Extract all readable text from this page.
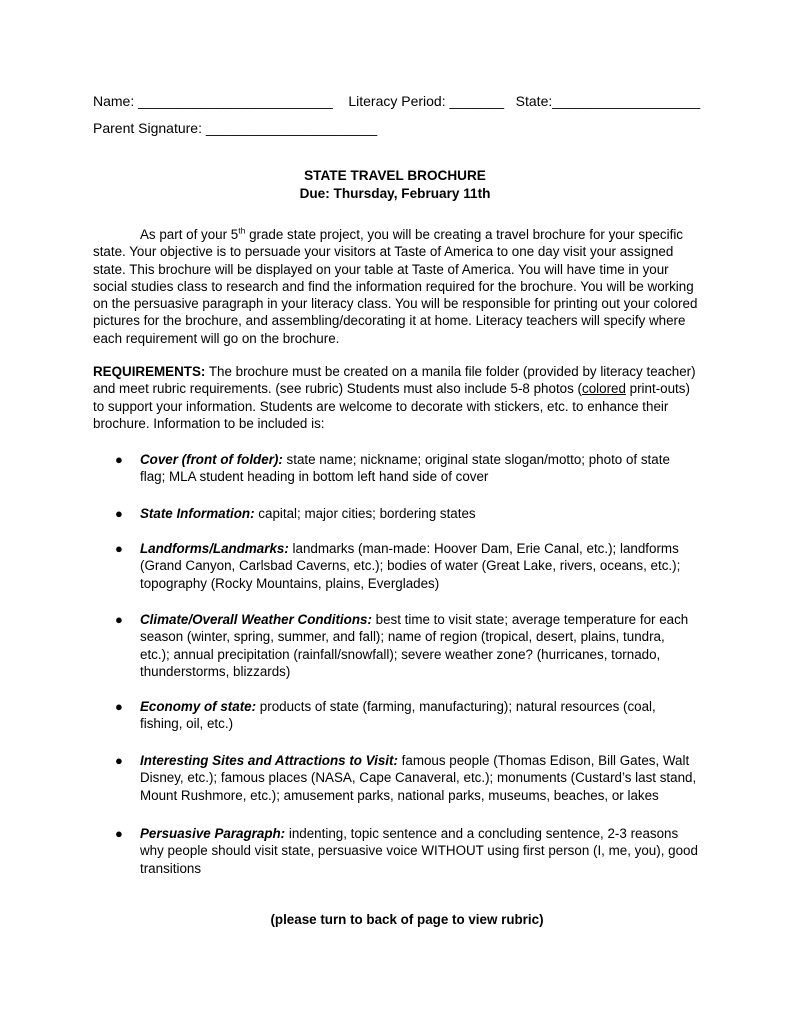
Name: _________________________    Literacy Period: _______   State:___________________
Parent Signature: ______________________
STATE TRAVEL BROCHURE
Due: Thursday, February 11th

As part of your 5th grade state project, you will be creating a travel brochure for your specific state. Your objective is to persuade your visitors at Taste of America to one day visit your assigned state. This brochure will be displayed on your table at Taste of America. You will have time in your social studies class to research and find the information required for the brochure. You will be working on the persuasive paragraph in your literacy class. You will be responsible for printing out your colored pictures for the brochure, and assembling/decorating it at home. Literacy teachers will specify where each requirement will go on the brochure.

REQUIREMENTS: The brochure must be created on a manila file folder (provided by literacy teacher) and meet rubric requirements. (see rubric) Students must also include 5-8 photos (colored print-outs) to support your information. Students are welcome to decorate with stickers, etc. to enhance their brochure. Information to be included is:

● Cover (front of folder): state name; nickname; original state slogan/motto; photo of state flag; MLA student heading in bottom left hand side of cover
● State Information: capital; major cities; bordering states
● Landforms/Landmarks: landmarks (man-made: Hoover Dam, Erie Canal, etc.); landforms (Grand Canyon, Carlsbad Caverns, etc.); bodies of water (Great Lake, rivers, oceans, etc.); topography (Rocky Mountains, plains, Everglades)
● Climate/Overall Weather Conditions: best time to visit state; average temperature for each season (winter, spring, summer, and fall); name of region (tropical, desert, plains, tundra, etc.); annual precipitation (rainfall/snowfall); severe weather zone? (hurricanes, tornado, thunderstorms, blizzards)
● Economy of state: products of state (farming, manufacturing); natural resources (coal, fishing, oil, etc.)
● Interesting Sites and Attractions to Visit: famous people (Thomas Edison, Bill Gates, Walt Disney, etc.); famous places (NASA, Cape Canaveral, etc.); monuments (Custard’s last stand, Mount Rushmore, etc.); amusement parks, national parks, museums, beaches, or lakes
● Persuasive Paragraph: indenting, topic sentence and a concluding sentence, 2-3 reasons why people should visit state, persuasive voice WITHOUT using first person (I, me, you), good transitions
(please turn to back of page to view rubric)
